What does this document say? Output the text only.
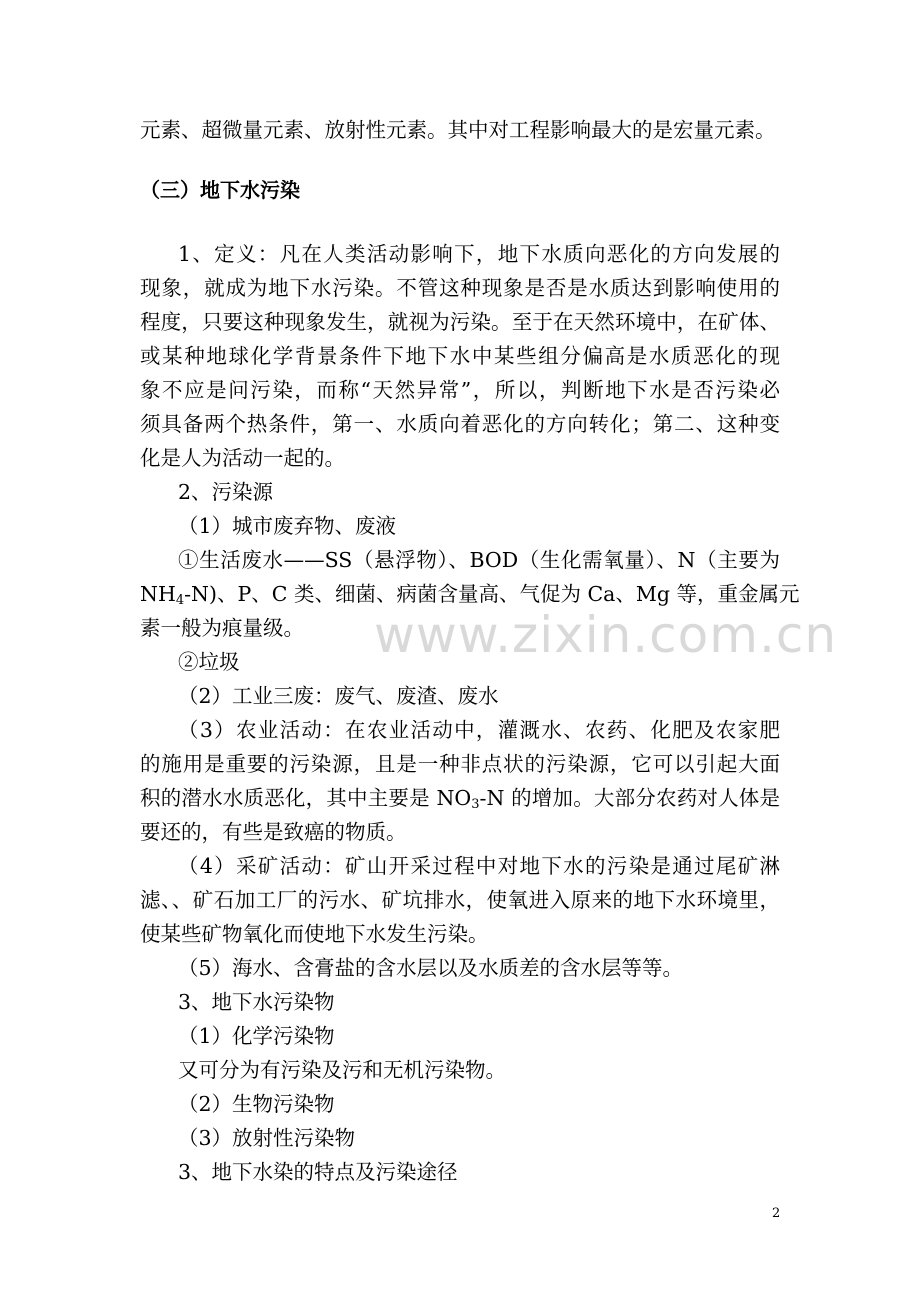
元素、超微量元素、放射性元素。其中对工程影响最大的是宏量元素。
（三）地下水污染
1、定义：凡在人类活动影响下，地下水质向恶化的方向发展的
现象，就成为地下水污染。不管这种现象是否是水质达到影响使用的
程度，只要这种现象发生，就视为污染。至于在天然环境中，在矿体、
或某种地球化学背景条件下地下水中某些组分偏高是水质恶化的现
象不应是问污染，而称“天然异常”，所以，判断地下水是否污染必
须具备两个热条件，第一、水质向着恶化的方向转化；第二、这种变
化是人为活动一起的。
2、污染源
（1）城市废弃物、废液
①生活废水——SS（悬浮物）、BOD（生化需氧量）、N（主要为
$NH_4-N$)、P、C 类、细菌、病菌含量高、气促为 Ca、Mg 等，重金属元
素一般为痕量级。
②垃圾
（2）工业三废：废气、废渣、废水
（3）农业活动：在农业活动中，灌溉水、农药、化肥及农家肥
的施用是重要的污染源，且是一种非点状的污染源，它可以引起大面
积的潜水水质恶化，其中主要是 $NO_3-N$ 的增加。大部分农药对人体是
要还的，有些是致癌的物质。
（4）采矿活动：矿山开采过程中对地下水的污染是通过尾矿淋
滤、、矿石加工厂的污水、矿坑排水，使氧进入原来的地下水环境里，
使某些矿物氧化而使地下水发生污染。
（5）海水、含膏盐的含水层以及水质差的含水层等等。
3、地下水污染物
（1）化学污染物
又可分为有污染及污和无机污染物。
（2）生物污染物
（3）放射性污染物
3、地下水染的特点及污染途径
www.zixin.com.cn
2
